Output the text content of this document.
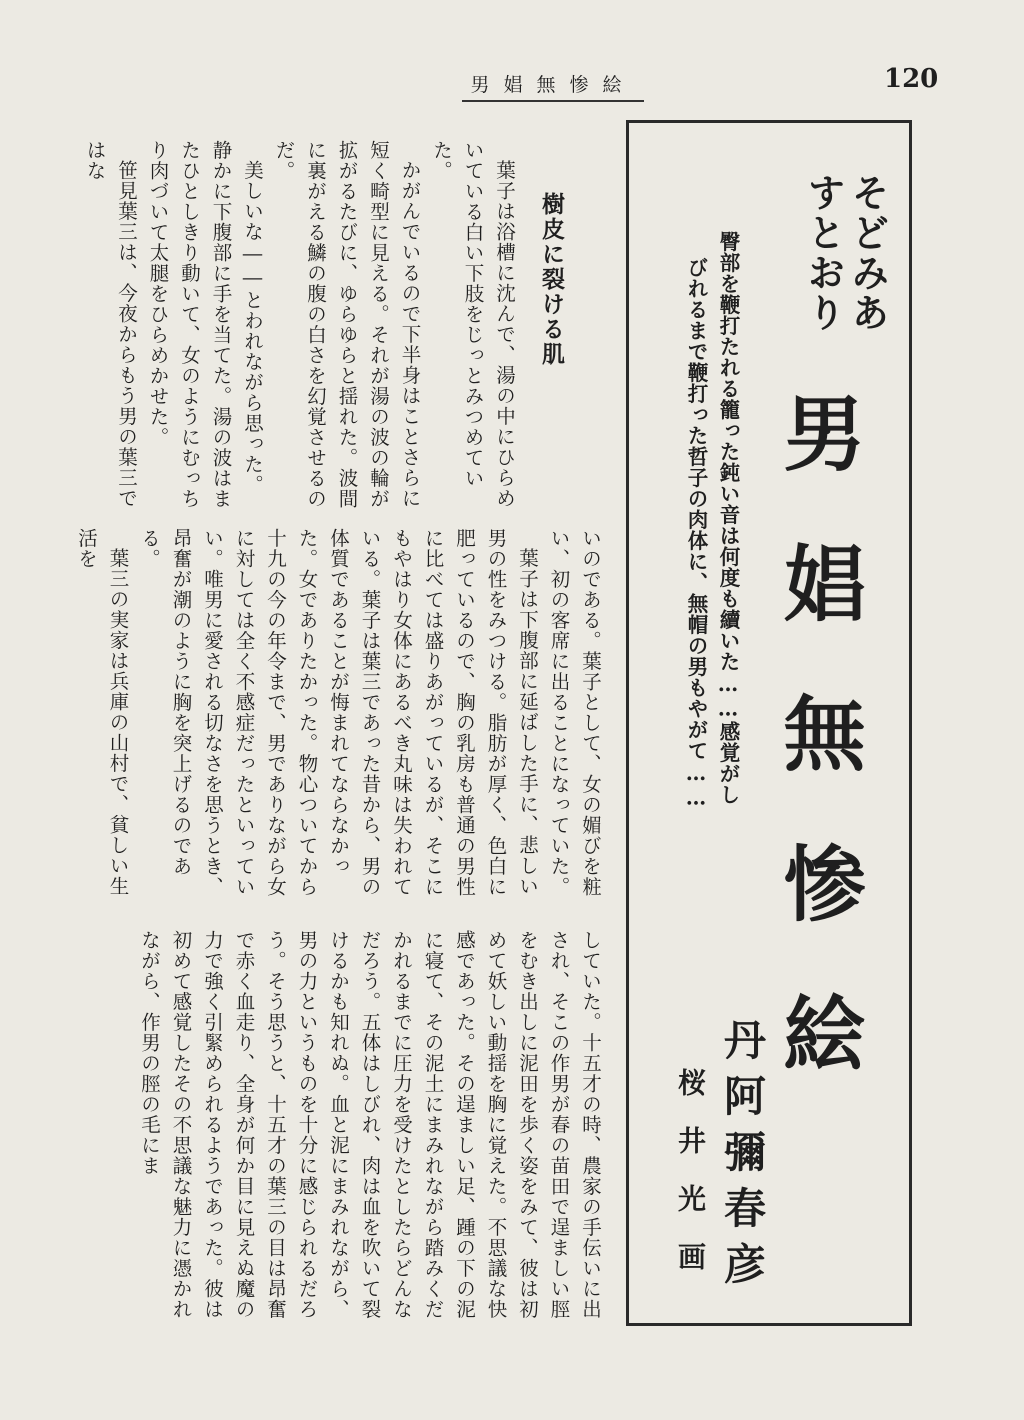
男娼無惨絵	120
そどみあ
すとおり
男娼無惨絵
臀部を鞭打たれる籠った鈍い音は何度も續いた……感覚がし
びれるまで鞭打った哲子の肉体に、無帽の男もやがて……
丹阿彌春彦
桜井光画
樹皮に裂ける肌

葉子は浴槽に沈んで、湯の中にひらめいている白い下肢をじっとみつめていた。

かがんでいるので下半身はことさらに短く畸型に見える。それが湯の波の輪が拡がるたびに、ゆらゆらと揺れた。波間に裏がえる鱗の腹の白さを幻覚させるのだ。

美しいな――とわれながら思った。静かに下腹部に手を当てた。湯の波はまたひとしきり動いて、女のようにむっちり肉づいて太腿をひらめかせた。

笹見葉三は、今夜からもう男の葉三ではな

していた。十五才の時、農家の手伝いに出され、そこの作男が春の苗田で逞ましい脛をむき出しに泥田を歩く姿をみて、彼は初めて妖しい動揺を胸に覚えた。不思議な快感であった。その逞ましい足、踵の下の泥に寝て、その泥土にまみれながら踏みくだかれるまでに圧力を受けたとしたらどんなだろう。五体はしびれ、肉は血を吹いて裂けるかも知れぬ。血と泥にまみれながら、男の力というものを十分に感じられるだろう。そう思うと、十五才の葉三の目は昂奮で赤く血走り、全身が何か目に見えぬ魔の力で強く引緊められるようであった。彼は初めて感覚したその不思議な魅力に憑かれながら、作男の脛の毛にま

いのである。葉子として、女の媚びを粧い、初の客席に出ることになっていた。

葉子は下腹部に延ばした手に、悲しい男の性をみつける。脂肪が厚く、色白に肥っているので、胸の乳房も普通の男性に比べては盛りあがっているが、そこにもやはり女体にあるべき丸味は失われている。葉子は葉三であった昔から、男の体質であることが悔まれてならなかった。女でありたかった。物心ついてから十九の今の年令まで、男でありながら女に対しては全く不感症だったといっていい。唯男に愛される切なさを思うとき、昂奮が潮のように胸を突上げるのである。

葉三の実家は兵庫の山村で、貧しい生活を
